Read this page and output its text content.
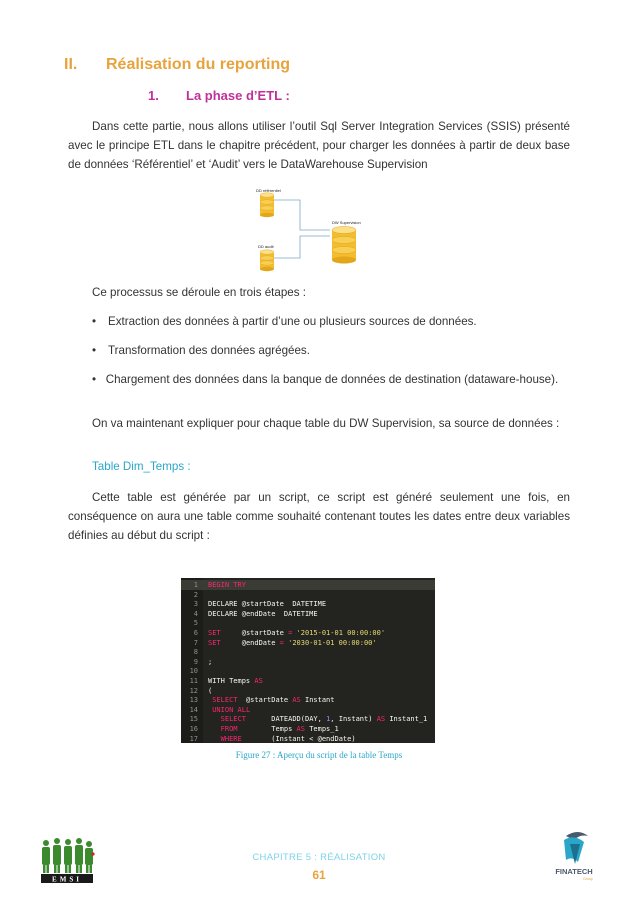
II. Réalisation du reporting
1. La phase d’ETL :
Dans cette partie, nous allons utiliser l’outil Sql Server Integration Services (SSIS) présenté avec le principe ETL dans le chapitre précédent, pour charger les données à partir de deux base de données ‘Référentiel’ et ‘Audit’ vers le DataWarehouse Supervision
DD référentiel
DD audit
DW Supervision
Ce processus se déroule en trois étapes :
• Extraction des données à partir d’une ou plusieurs sources de données.
• Transformation des données agrégées.
• Chargement des données dans la banque de données de destination (dataware-house).
On va maintenant expliquer pour chaque table du DW Supervision, sa source de données :
Table Dim_Temps :
Cette table est générée par un script, ce script est généré seulement une fois, en conséquence on aura une table comme souhaité contenant toutes les dates entre deux variables définies au début du script :
1 BEGIN TRY
2
3 DECLARE @startDate DATETIME
4 DECLARE @endDate DATETIME
5
6 SET	@startDate = '2015-01-01 00:00:00'
7 SET	@endDate = '2030-01-01 00:00:00'
8
9 ;
10
11 WITH Temps AS
12 (
13 SELECT @startDate AS Instant
14 UNION ALL
15	SELECT	DATEADD(DAY, 1, Instant) AS Instant_1
16	FROM	Temps AS Temps_1
17	WHERE       (Instant < @endDate)
Figure 27 : Aperçu du script de la table Temps
EMSI
CHAPITRE 5 : RÉALISATION
61	FINATECH
Group
